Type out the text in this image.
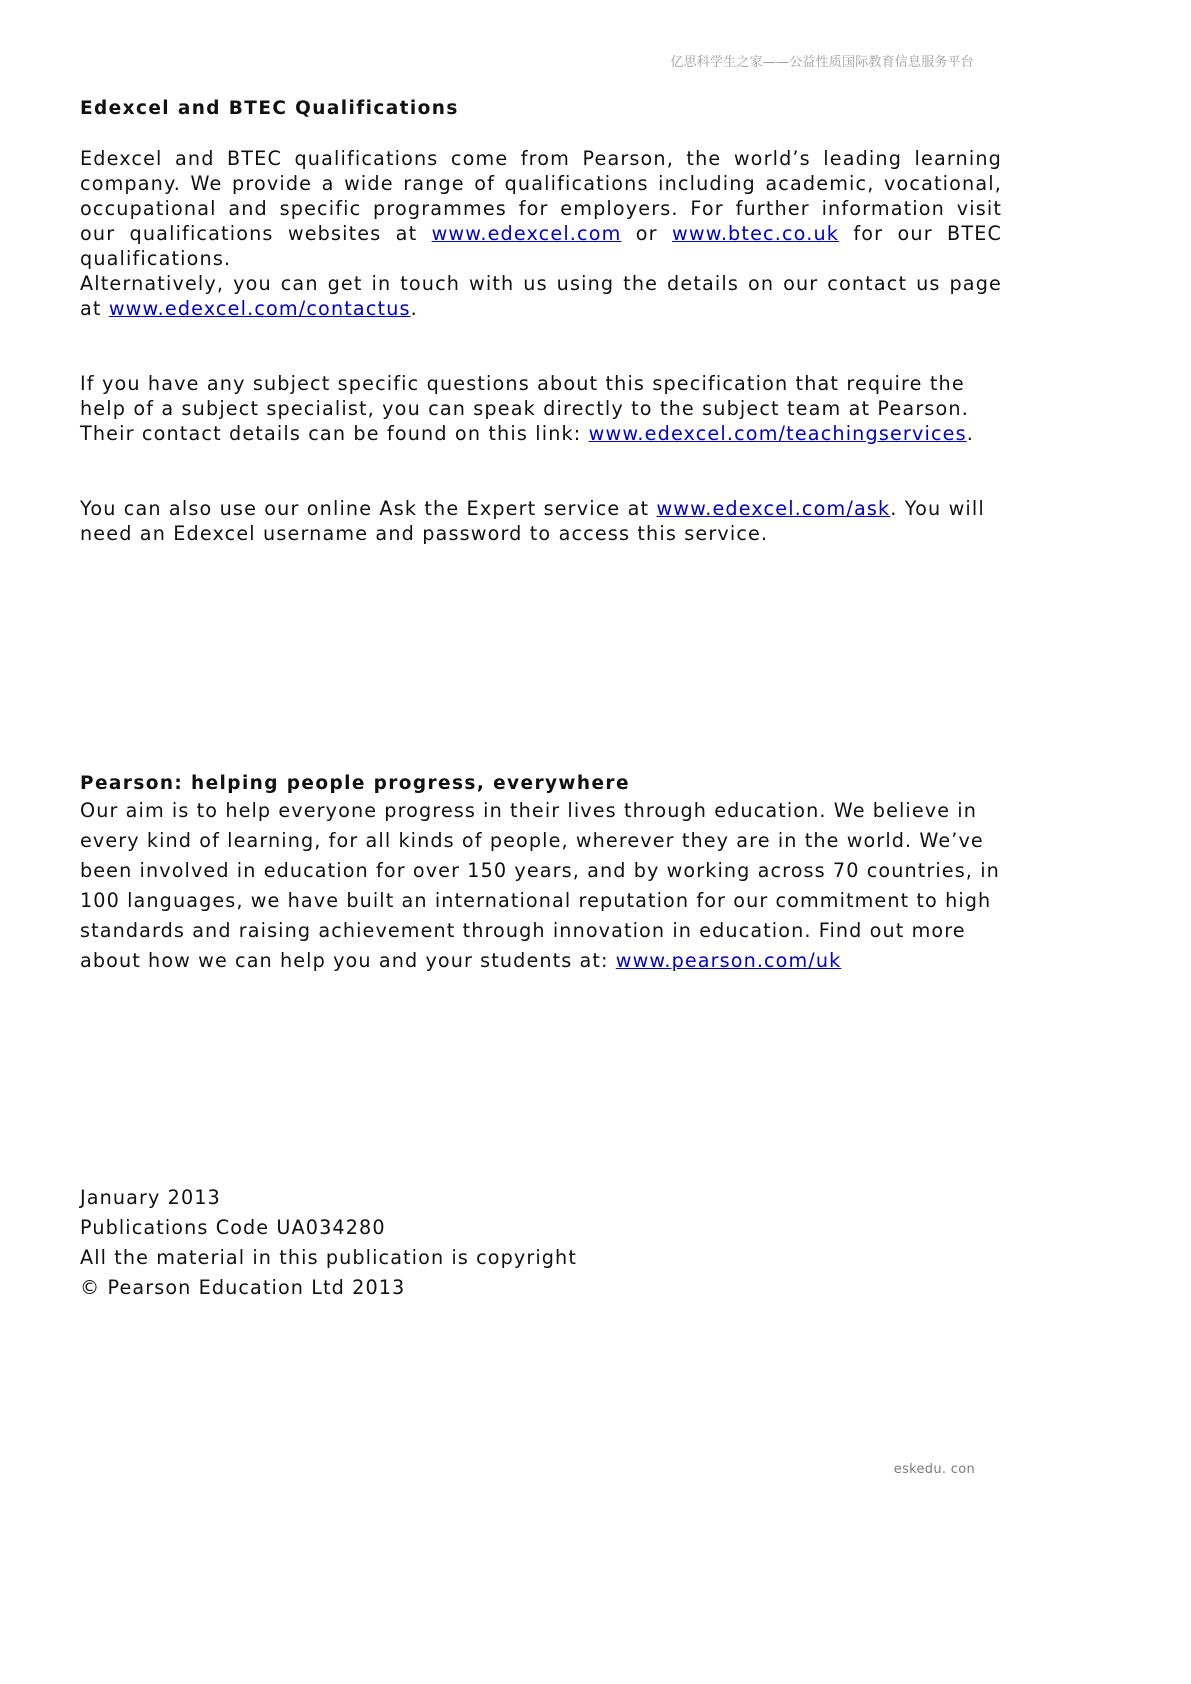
亿思科学生之家——公益性质国际教育信息服务平台
Edexcel and BTEC Qualifications

Edexcel and BTEC qualifications come from Pearson, the world’s leading learning company. We provide a wide range of qualifications including academic, vocational, occupational and specific programmes for employers. For further information visit our qualifications websites at www.edexcel.com or www.btec.co.uk for our BTEC qualifications.

Alternatively, you can get in touch with us using the details on our contact us page at www.edexcel.com/contactus.

If you have any subject specific questions about this specification that require the help of a subject specialist, you can speak directly to the subject team at Pearson.
Their contact details can be found on this link: www.edexcel.com/teachingservices.

You can also use our online Ask the Expert service at www.edexcel.com/ask. You will need an Edexcel username and password to access this service.

Pearson: helping people progress, everywhere

Our aim is to help everyone progress in their lives through education. We believe in every kind of learning, for all kinds of people, wherever they are in the world. We’ve been involved in education for over 150 years, and by working across 70 countries, in 100 languages, we have built an international reputation for our commitment to high standards and raising achievement through innovation in education. Find out more about how we can help you and your students at: www.pearson.com/uk

January 2013

Publications Code UA034280

All the material in this publication is copyright

© Pearson Education Ltd 2013

eskedu. con
